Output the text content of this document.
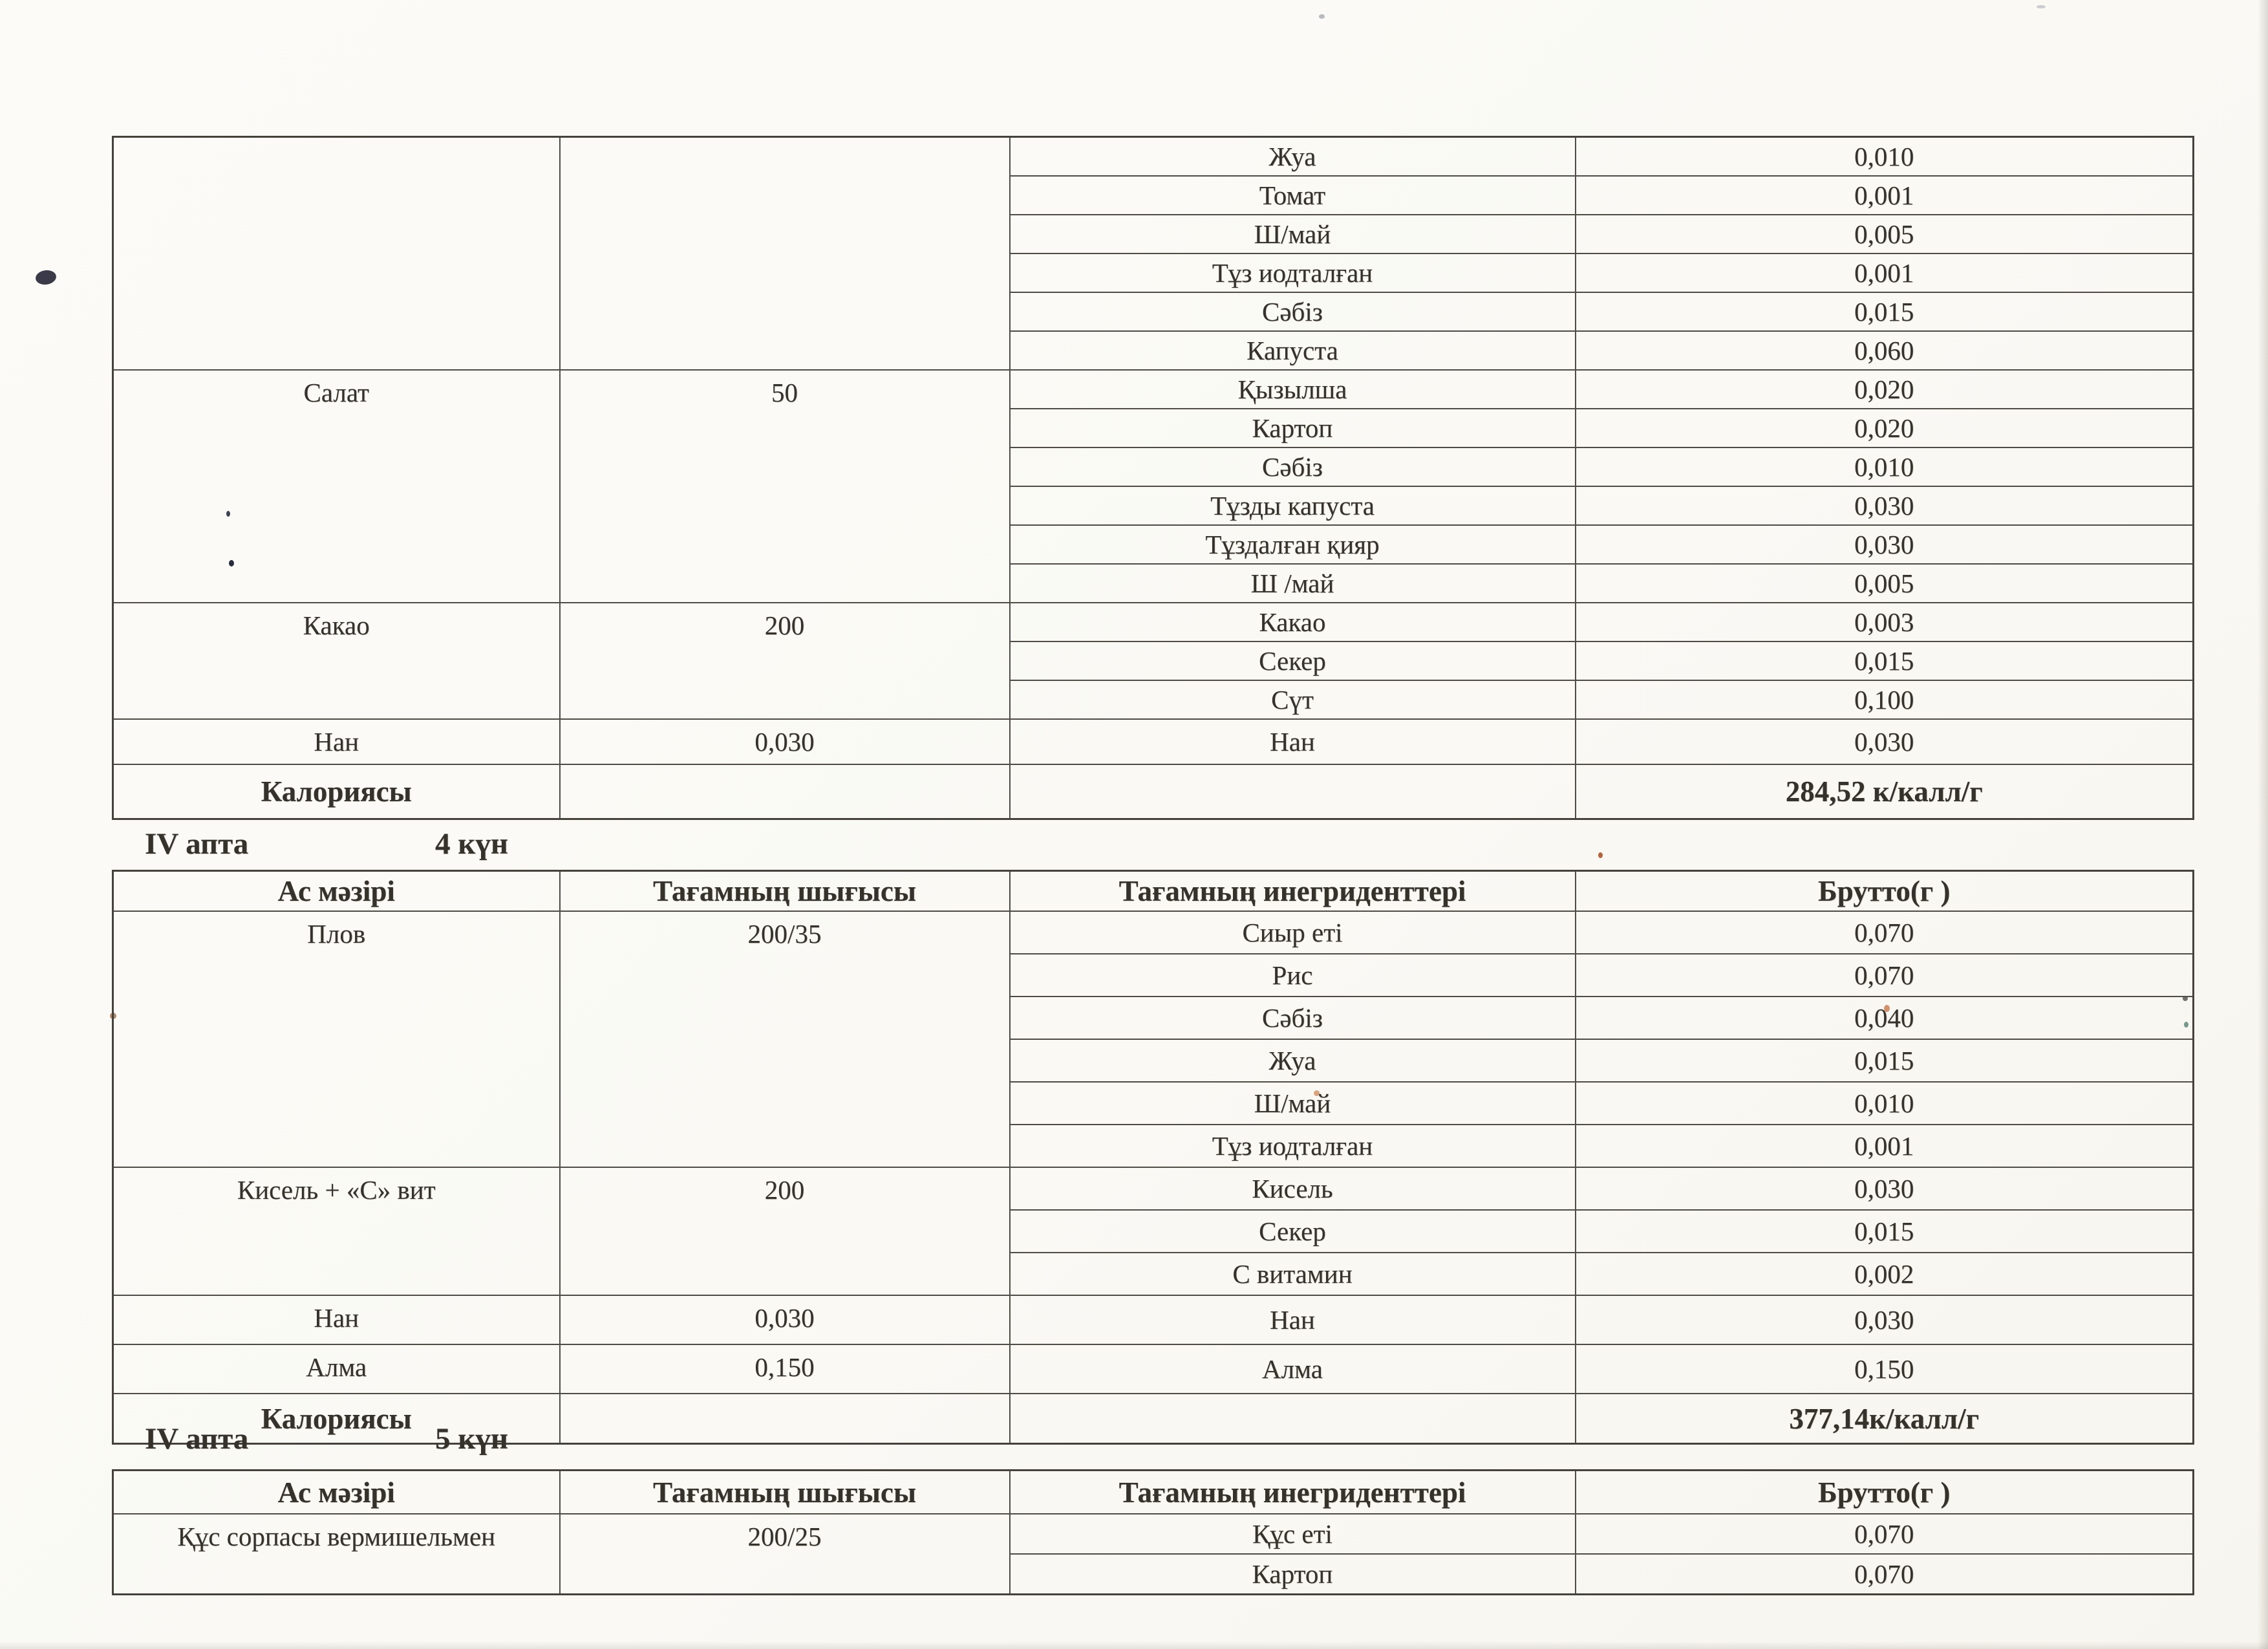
		Жуа	0,010
		Томат	0,001
		Ш/май	0,005
		Тұз иодталған	0,001
		Сәбіз	0,015
		Капуста	0,060
Салат	50	Қызылша	0,020
		Картоп	0,020
		Сәбіз	0,010
		Тұзды капуста	0,030
		Тұздалған қияр	0,030
		Ш /май	0,005
Какао	200	Какао	0,003
		Секер	0,015
		Сүт	0,100
Нан	0,030	Нан	0,030
Калориясы			284,52 к/калл/г
IV апта	4 күн
Ас мәзірі	Тағамның шығысы	Тағамның инегриденттері	Брутто(г )
Плов	200/35	Сиыр еті	0,070
		Рис	0,070
		Сәбіз	0,040
		Жуа	0,015
		Ш/май	0,010
		Тұз иодталған	0,001
Кисель + «С» вит	200	Кисель	0,030
		Секер	0,015
		С витамин	0,002
Нан	0,030	Нан	0,030
Алма	0,150	Алма	0,150
Калориясы			377,14к/калл/г
IV апта	5 күн
Ас мәзірі	Тағамның шығысы	Тағамның инегриденттері	Брутто(г )
Құс сорпасы вермишельмен	200/25	Құс еті	0,070
		Картоп	0,070
